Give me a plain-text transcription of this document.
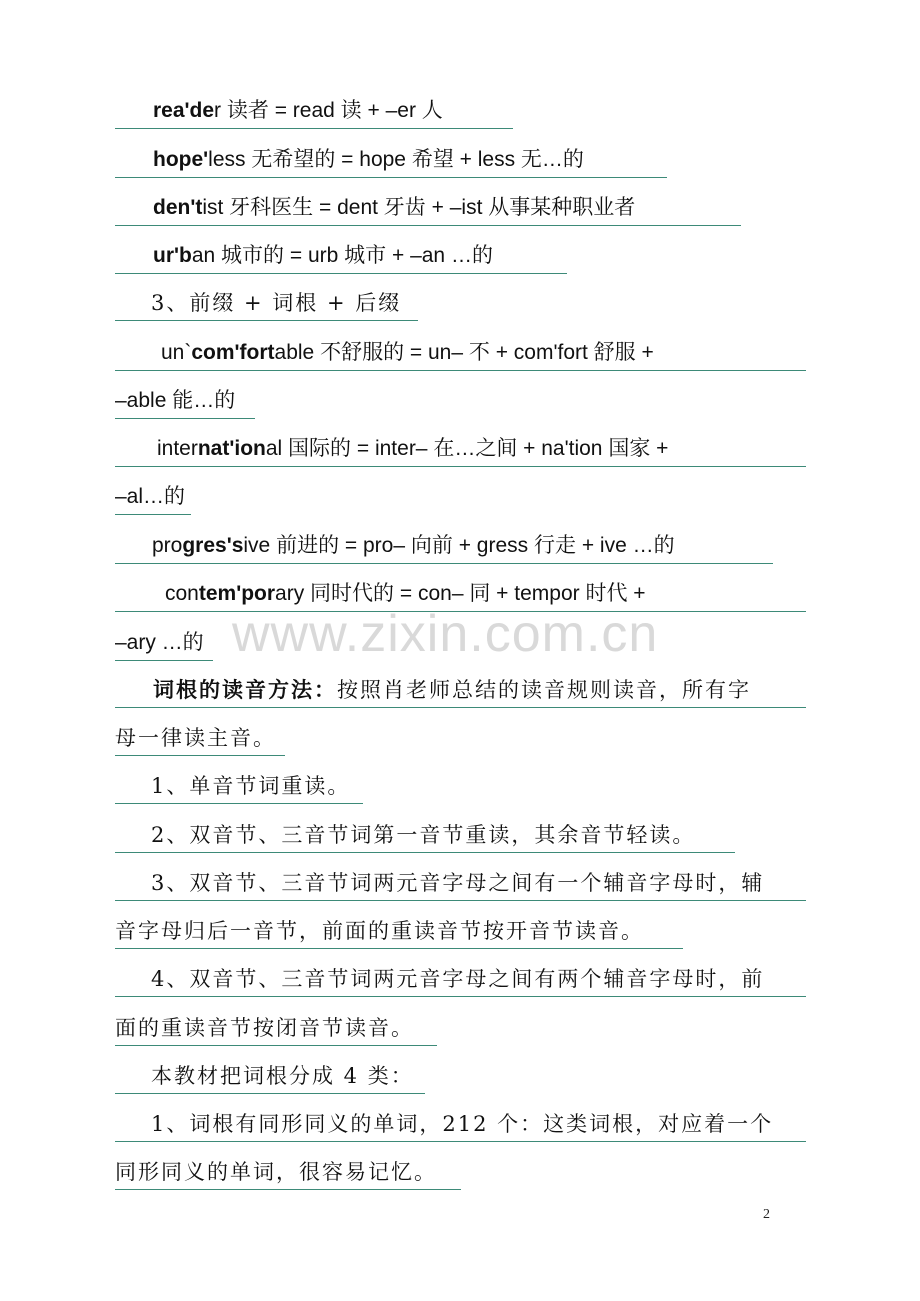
rea'der 读者 = read 读 + –er 人
hope'less 无希望的 = hope 希望 + less 无…的
den'tist 牙科医生 = dent 牙齿 + –ist 从事某种职业者
ur'ban 城市的 = urb 城市 + –an …的
3、前缀 + 词根 + 后缀
un`com'fortable 不舒服的 = un– 不 + com'fort 舒服 +
–able 能…的
internat'ional 国际的 = inter– 在…之间 + na'tion 国家 +
–al…的
progres'sive 前进的 = pro– 向前 + gress 行走 + ive …的
contem'porary 同时代的 = con– 同 + tempor 时代 +
–ary …的
词根的读音方法：按照肖老师总结的读音规则读音，所有字
母一律读主音。
1、单音节词重读。
2、双音节、三音节词第一音节重读，其余音节轻读。
3、双音节、三音节词两元音字母之间有一个辅音字母时，辅
音字母归后一音节，前面的重读音节按开音节读音。
4、双音节、三音节词两元音字母之间有两个辅音字母时，前
面的重读音节按闭音节读音。
本教材把词根分成 4 类：
1、词根有同形同义的单词，212 个：这类词根，对应着一个
同形同义的单词，很容易记忆。
www.zixin.com.cn
2
